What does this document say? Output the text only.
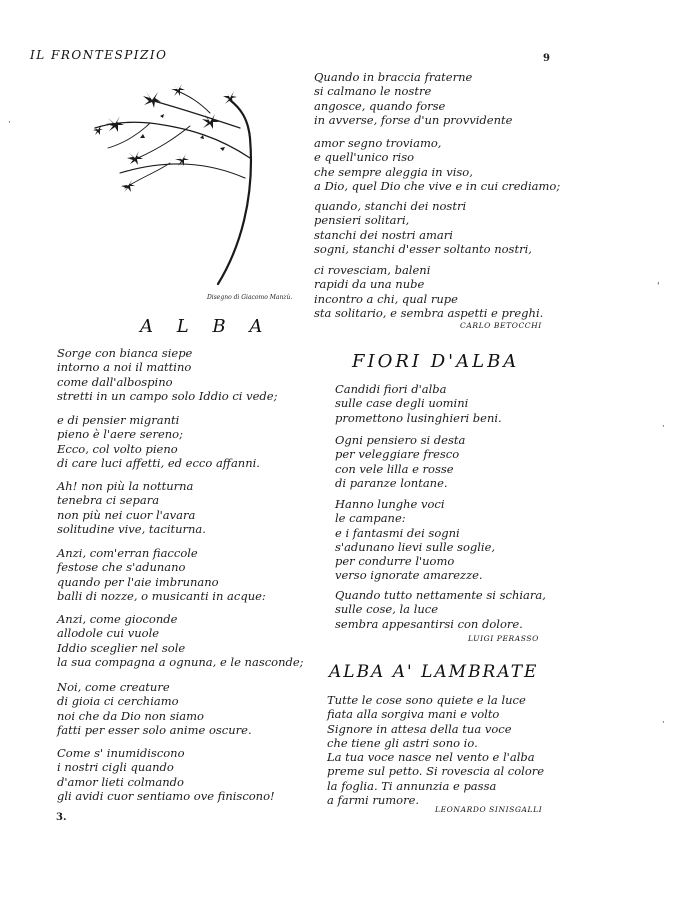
IL FRONTESPIZIO	9
Disegno di Giacomo Manzù.
Quando in braccia fraterne
si calmano le nostre
angosce, quando forse
in avverse, forse d'un provvidente
amor segno troviamo,
e quell'unico riso
che sempre aleggia in viso,
a Dio, quel Dio che vive e in cui crediamo;
quando, stanchi dei nostri
pensieri solitari,
stanchi dei nostri amari
sogni, stanchi d'esser soltanto nostri,
ci rovesciam, baleni
rapidi da una nube
incontro a chi, qual rupe
sta solitario, e sembra aspetti e preghi.
CARLO BETOCCHI
A L B A
Sorge con bianca siepe
intorno a noi il mattino
come dall'albospino
stretti in un campo solo Iddio ci vede;
e di pensier migranti
pieno è l'aere sereno;
Ecco, col volto pieno
di care luci affetti, ed ecco affanni.
Ah! non più la notturna
tenebra ci separa
non più nei cuor l'avara
solitudine vive, taciturna.
Anzi, com'erran fiaccole
festose che s'adunano
quando per l'aie imbrunano
balli di nozze, o musicanti in acque:
Anzi, come gioconde
allodole cui vuole
Iddio sceglier nel sole
la sua compagna a ognuna, e le nasconde;
Noi, come creature
di gioia ci cerchiamo
noi che da Dio non siamo
fatti per esser solo anime oscure.
Come s' inumidiscono
i nostri cigli quando
d'amor lieti colmando
gli avidi cuor sentiamo ove finiscono!
FIORI D'ALBA
Candidi fiori d'alba
sulle case degli uomini
promettono lusinghieri beni.
Ogni pensiero si desta
per veleggiare fresco
con vele lilla e rosse
di paranze lontane.
Hanno lunghe voci
le campane:
e i fantasmi dei sogni
s'adunano lievi sulle soglie,
per condurre l'uomo
verso ignorate amarezze.
Quando tutto nettamente si schiara,
sulle cose, la luce
sembra appesantirsi con dolore.
LUIGI PERASSO
ALBA A' LAMBRATE
Tutte le cose sono quiete e la luce
fiata alla sorgiva mani e volto
Signore in attesa della tua voce
che tiene gli astri sono io.
La tua voce nasce nel vento e l'alba
preme sul petto. Si rovescia al colore
la foglia. Ti annunzia e passa
a farmi rumore.
LEONARDO SINISGALLI
3.
·
'
·
·
